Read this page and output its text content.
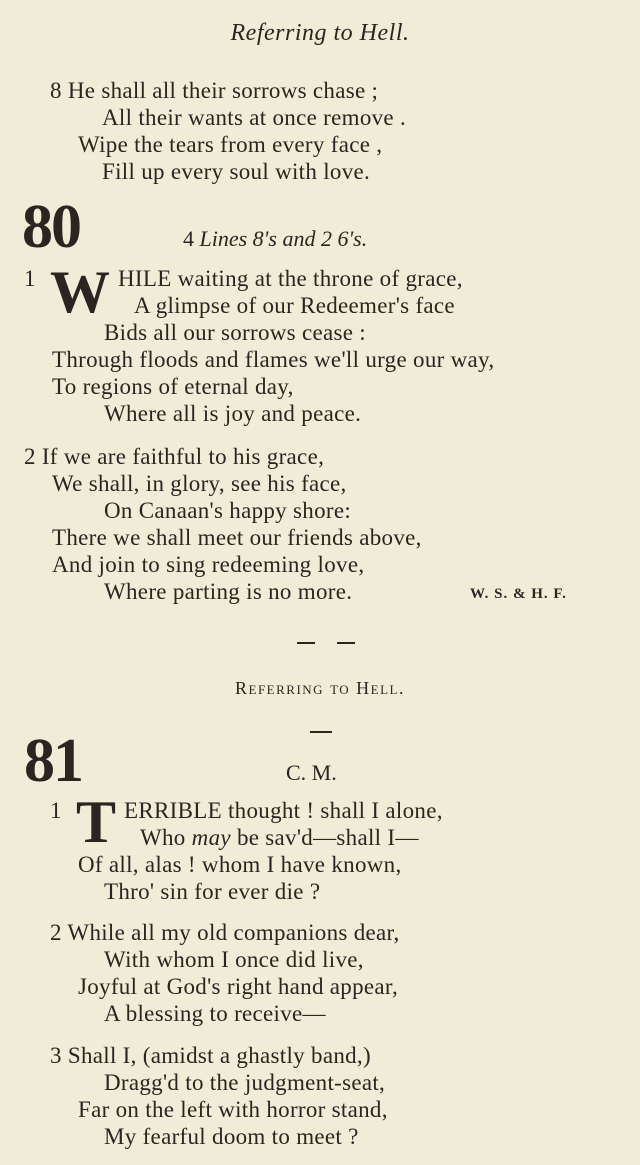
Referring to Hell.
8 He shall all their sorrows chase ;
All their wants at once remove .
Wipe the tears from every face ,
Fill up every soul with love.
80	4 Lines 8's and 2 6's.
1 W HILE waiting at the throne of grace,
A glimpse of our Redeemer's face
Bids all our sorrows cease :
Through floods and flames we'll urge our way,
To regions of eternal day,
Where all is joy and peace.
2 If we are faithful to his grace,
We shall, in glory, see his face,
On Canaan's happy shore:
There we shall meet our friends above,
And join to sing redeeming love,
Where parting is no more.	W. S. & H. F.
Referring to Hell.
81	C. M.
1 T ERRIBLE thought ! shall I alone,
Who may be sav'd—shall I—
Of all, alas ! whom I have known,
Thro' sin for ever die ?
2 While all my old companions dear,
With whom I once did live,
Joyful at God's right hand appear,
A blessing to receive—
3 Shall I, (amidst a ghastly band,)
Dragg'd to the judgment-seat,
Far on the left with horror stand,
My fearful doom to meet ?
